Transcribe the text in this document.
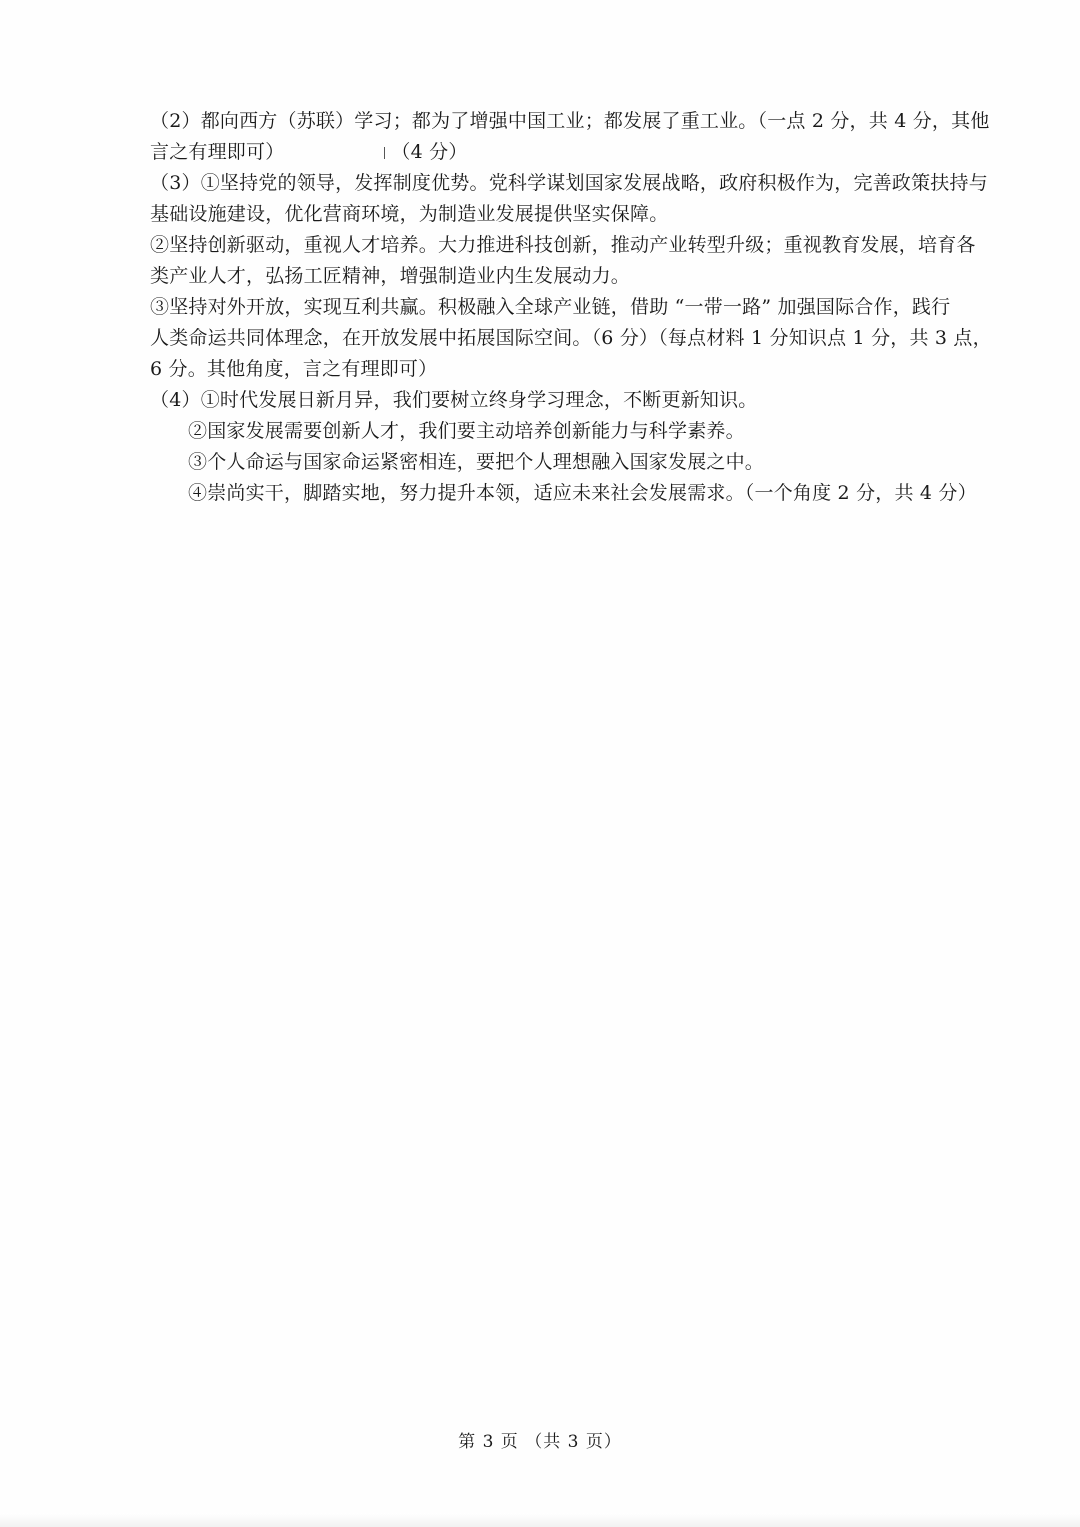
（2）都向西方（苏联）学习；都为了增强中国工业；都发展了重工业。（一点 2 分，共 4 分，其他
言之有理即可）	（4 分）
（3）①坚持党的领导，发挥制度优势。党科学谋划国家发展战略，政府积极作为，完善政策扶持与
基础设施建设，优化营商环境，为制造业发展提供坚实保障。
②坚持创新驱动，重视人才培养。大力推进科技创新，推动产业转型升级；重视教育发展，培育各
类产业人才，弘扬工匠精神，增强制造业内生发展动力。
③坚持对外开放，实现互利共赢。积极融入全球产业链，借助 “一带一路” 加强国际合作，践行
人类命运共同体理念，在开放发展中拓展国际空间。（6 分）（每点材料 1 分知识点 1 分，共 3 点，
6 分。其他角度，言之有理即可）
（4）①时代发展日新月异，我们要树立终身学习理念，不断更新知识。
②国家发展需要创新人才，我们要主动培养创新能力与科学素养。
③个人命运与国家命运紧密相连，要把个人理想融入国家发展之中。
④崇尚实干，脚踏实地，努力提升本领，适应未来社会发展需求。（一个角度 2 分，共 4 分）
第 3 页 （共 3 页）
